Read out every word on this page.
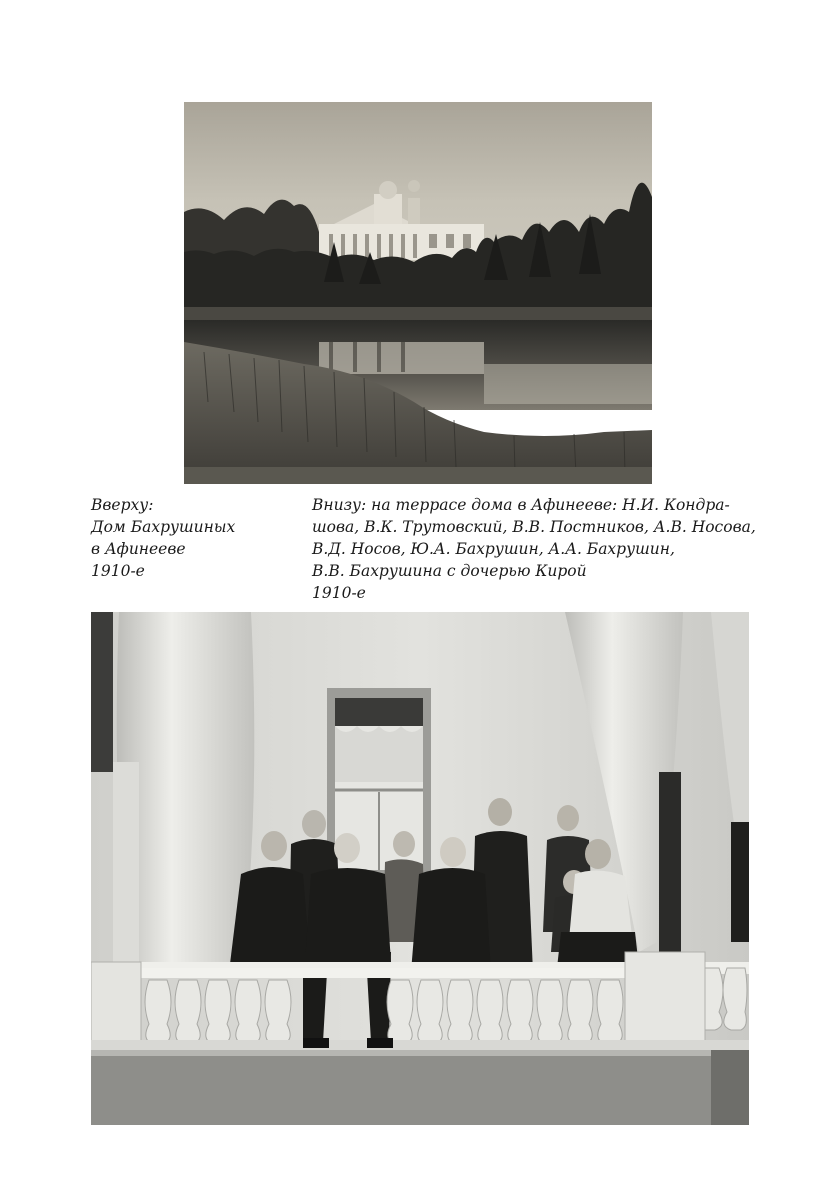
Вверху:
Дом Бахрушиных
в Афинееве
1910-е
Внизу: на террасе дома в Афинееве: Н.И. Кондра-
шова, В.К. Трутовский, В.В. Постников, А.В. Носова,
В.Д. Носов, Ю.А. Бахрушин, А.А. Бахрушин,
В.В. Бахрушина с дочерью Кирой
1910-е
